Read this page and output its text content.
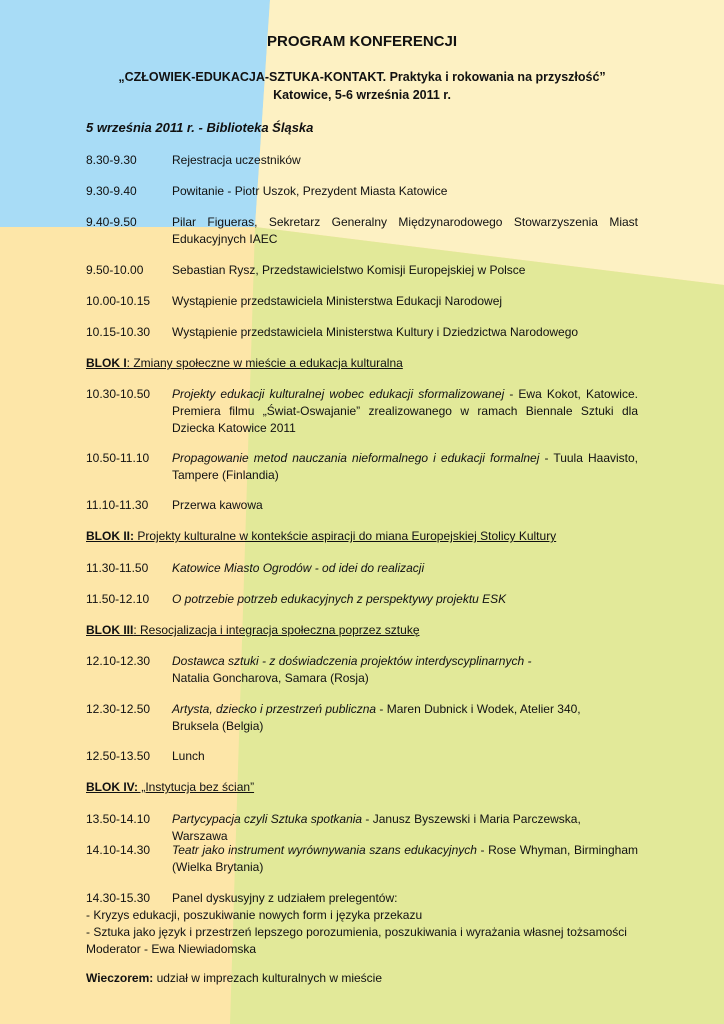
PROGRAM KONFERENCJI
„CZŁOWIEK-EDUKACJA-SZTUKA-KONTAKT. Praktyka i rokowania na przyszłość”
Katowice, 5-6 września 2011 r.
5 września 2011 r. - Biblioteka Śląska
8.30-9.30	Rejestracja uczestników
9.30-9.40	Powitanie - Piotr Uszok, Prezydent Miasta Katowice
9.40-9.50	Pilar Figueras, Sekretarz Generalny Międzynarodowego Stowarzyszenia Miast Edukacyjnych IAEC
9.50-10.00	Sebastian Rysz, Przedstawicielstwo Komisji Europejskiej w Polsce
10.00-10.15	Wystąpienie przedstawiciela Ministerstwa Edukacji Narodowej
10.15-10.30	Wystąpienie przedstawiciela Ministerstwa Kultury i Dziedzictwa Narodowego
BLOK I: Zmiany społeczne w mieście a edukacja kulturalna
10.30-10.50	Projekty edukacji kulturalnej wobec edukacji sformalizowanej - Ewa Kokot, Katowice. Premiera filmu „Świat-Oswajanie” zrealizowanego w ramach Biennale Sztuki dla Dziecka Katowice 2011
10.50-11.10	Propagowanie metod nauczania nieformalnego i edukacji formalnej - Tuula Haavisto, Tampere (Finlandia)
11.10-11.30	Przerwa kawowa
BLOK II: Projekty kulturalne w kontekście aspiracji do miana Europejskiej Stolicy Kultury
11.30-11.50	Katowice Miasto Ogrodów - od idei do realizacji
11.50-12.10	O potrzebie potrzeb edukacyjnych z perspektywy projektu ESK
BLOK III: Resocjalizacja i integracja społeczna poprzez sztukę
12.10-12.30	Dostawca sztuki - z doświadczenia projektów interdyscyplinarnych -
Natalia Goncharova, Samara (Rosja)
12.30-12.50	Artysta, dziecko i przestrzeń publiczna - Maren Dubnick i Wodek, Atelier 340, Bruksela (Belgia)
12.50-13.50	Lunch
BLOK IV: „Instytucja bez ścian”
13.50-14.10	Partycypacja czyli Sztuka spotkania - Janusz Byszewski i Maria Parczewska, Warszawa
14.10-14.30	Teatr jako instrument wyrównywania szans edukacyjnych - Rose Whyman, Birmingham (Wielka Brytania)
14.30-15.30 Panel dyskusyjny z udziałem prelegentów:
- Kryzys edukacji, poszukiwanie nowych form i języka przekazu
- Sztuka jako język i przestrzeń lepszego porozumienia, poszukiwania i wyrażania własnej tożsamości
Moderator - Ewa Niewiadomska
Wieczorem: udział w imprezach kulturalnych w mieście
